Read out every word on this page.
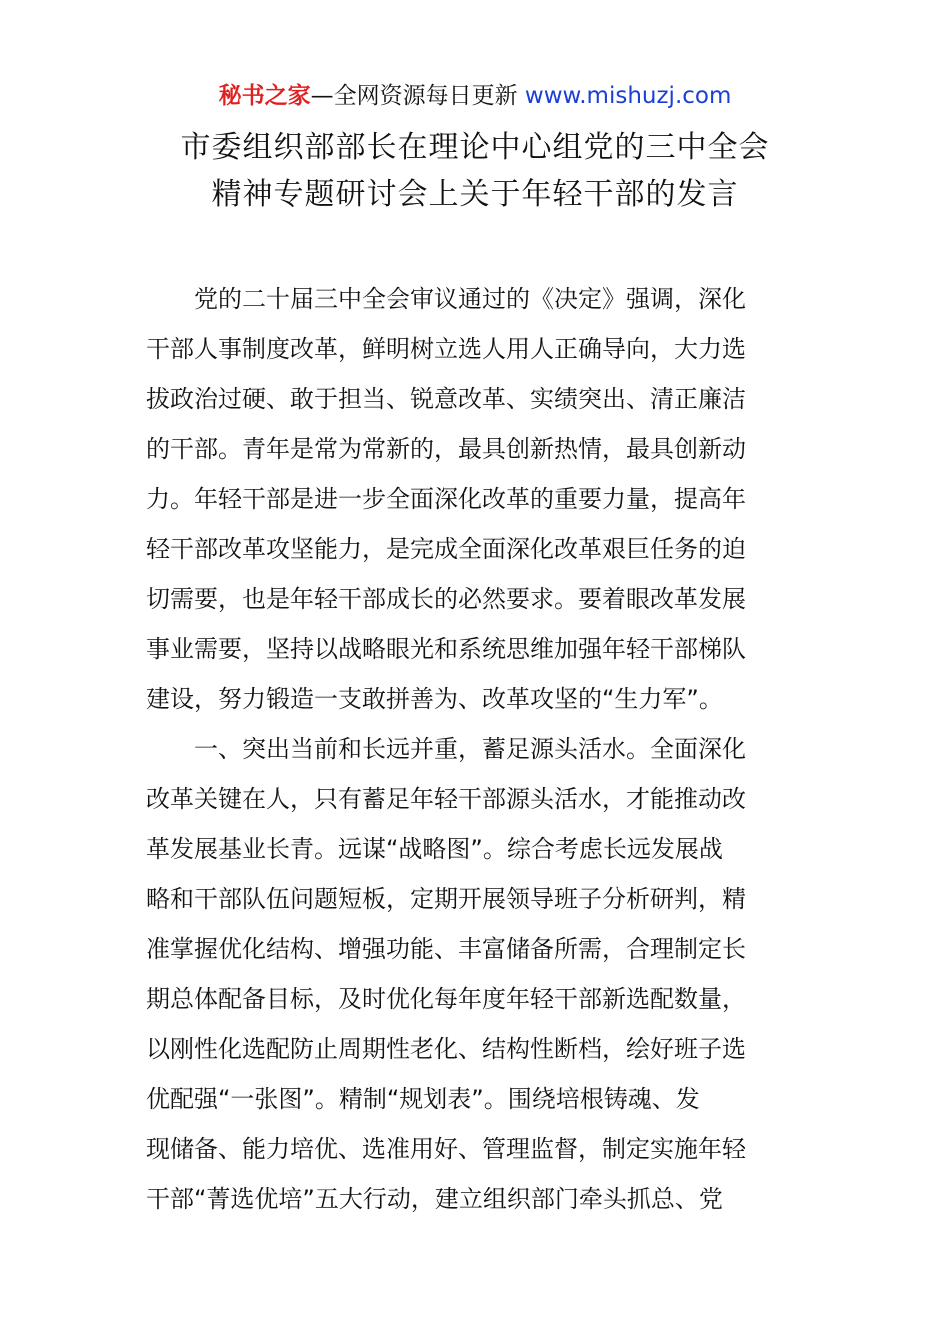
秘书之家—全网资源每日更新 www.mishuzj.com
市委组织部部长在理论中心组党的三中全会
精神专题研讨会上关于年轻干部的发言
　　党的二十届三中全会审议通过的《决定》强调，深化
干部人事制度改革，鲜明树立选人用人正确导向，大力选
拔政治过硬、敢于担当、锐意改革、实绩突出、清正廉洁
的干部。青年是常为常新的，最具创新热情，最具创新动
力。年轻干部是进一步全面深化改革的重要力量，提高年
轻干部改革攻坚能力，是完成全面深化改革艰巨任务的迫
切需要，也是年轻干部成长的必然要求。要着眼改革发展
事业需要，坚持以战略眼光和系统思维加强年轻干部梯队
建设，努力锻造一支敢拼善为、改革攻坚的“生力军”。
　　一、突出当前和长远并重，蓄足源头活水。全面深化
改革关键在人，只有蓄足年轻干部源头活水，才能推动改
革发展基业长青。远谋“战略图”。综合考虑长远发展战
略和干部队伍问题短板，定期开展领导班子分析研判，精
准掌握优化结构、增强功能、丰富储备所需，合理制定长
期总体配备目标，及时优化每年度年轻干部新选配数量，
以刚性化选配防止周期性老化、结构性断档，绘好班子选
优配强“一张图”。精制“规划表”。围绕培根铸魂、发
现储备、能力培优、选准用好、管理监督，制定实施年轻
干部“菁选优培”五大行动，建立组织部门牵头抓总、党
